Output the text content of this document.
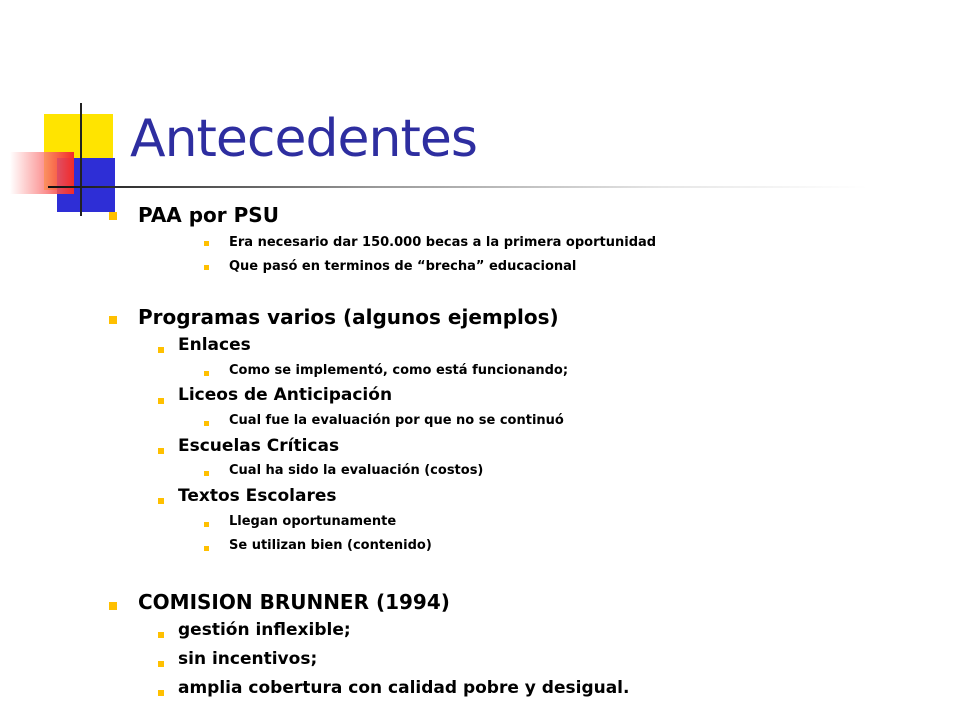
Antecedentes
PAA por PSU
Era necesario dar 150.000 becas a la primera oportunidad
Que pasó en terminos de “brecha” educacional
Programas varios (algunos ejemplos)
Enlaces
Como se implementó, como está funcionando;
Liceos de Anticipación
Cual fue la evaluación por que no se continuó
Escuelas Críticas
Cual ha sido la evaluación (costos)
Textos Escolares
Llegan oportunamente
Se utilizan bien (contenido)
COMISION BRUNNER (1994)
gestión inflexible;
sin incentivos;
amplia cobertura con calidad pobre y desigual.
